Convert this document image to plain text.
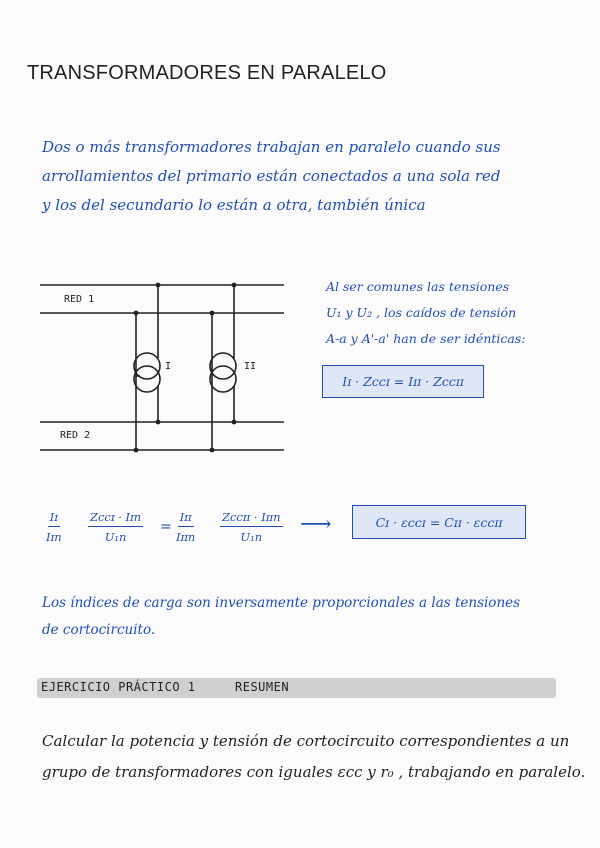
TRANSFORMADORES EN PARALELO
Dos o más transformadores trabajan en paralelo cuando sus
arrollamientos del primario están conectados a una sola red
y los del secundario lo están a otra, también única
RED 1
RED 2
I	II
Al ser comunes las tensiones
U₁ y U₂ , los caídos de tensión
A-a y A'-a' han de ser idénticas:
Iɪ · Zccɪ = Iɪɪ · Zccɪɪ
Iɪ
Iɪn
Zccɪ · Iɪn
U₁n
=
Iɪɪ
Iɪɪn
Zccɪɪ · Iɪɪn
U₁n ⟶	Cɪ · εccɪ = Cɪɪ · εccɪɪ
Los índices de carga son inversamente proporcionales a las tensiones
de cortocircuito.
EJERCICIO PRÁCTICO 1	RESUMEN
Calcular la potencia y tensión de cortocircuito correspondientes a un
grupo de transformadores con iguales εcc y r₀ , trabajando en paralelo.
